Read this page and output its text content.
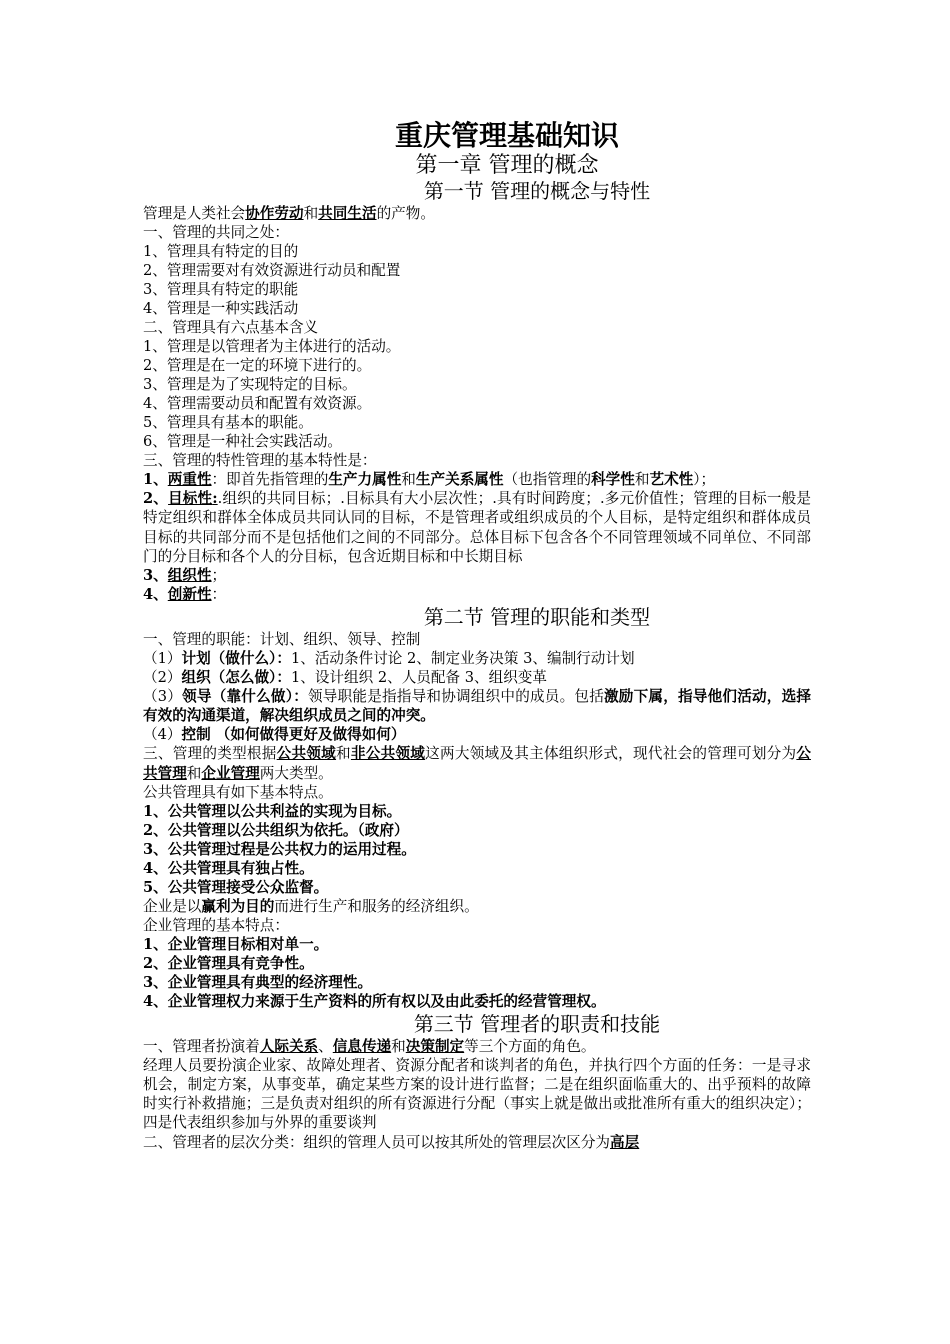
重庆管理基础知识
第一章 管理的概念
第一节 管理的概念与特性
管理是人类社会协作劳动和共同生活的产物。
一、管理的共同之处：
1、管理具有特定的目的
2、管理需要对有效资源进行动员和配置
3、管理具有特定的职能
4、管理是一种实践活动
二、管理具有六点基本含义
1、管理是以管理者为主体进行的活动。
2、管理是在一定的环境下进行的。
3、管理是为了实现特定的目标。
4、管理需要动员和配置有效资源。
5、管理具有基本的职能。
6、管理是一种社会实践活动。
三、管理的特性管理的基本特性是：
1、两重性：即首先指管理的生产力属性和生产关系属性（也指管理的科学性和艺术性）；
2、目标性:.组织的共同目标；.目标具有大小层次性；.具有时间跨度；.多元价值性；管理的目标一般是特定组织和群体全体成员共同认同的目标，不是管理者或组织成员的个人目标，是特定组织和群体成员目标的共同部分而不是包括他们之间的不同部分。总体目标下包含各个不同管理领域不同单位、不同部门的分目标和各个人的分目标，包含近期目标和中长期目标
3、组织性；
4、创新性：
第二节 管理的职能和类型
一、管理的职能：计划、组织、领导、控制
（1）计划（做什么）：1、活动条件讨论 2、制定业务决策 3、编制行动计划
（2）组织（怎么做）：1、设计组织 2、人员配备 3、组织变革
（3）领导（靠什么做）：领导职能是指指导和协调组织中的成员。包括激励下属，指导他们活动，选择有效的沟通渠道，解决组织成员之间的冲突。
（4）控制 （如何做得更好及做得如何）
三、管理的类型根据公共领域和非公共领域这两大领域及其主体组织形式，现代社会的管理可划分为公共管理和企业管理两大类型。
公共管理具有如下基本特点。
1、公共管理以公共利益的实现为目标。
2、公共管理以公共组织为依托。（政府）
3、公共管理过程是公共权力的运用过程。
4、公共管理具有独占性。
5、公共管理接受公众监督。
企业是以赢利为目的而进行生产和服务的经济组织。
企业管理的基本特点：
1、企业管理目标相对单一。
2、企业管理具有竞争性。
3、企业管理具有典型的经济理性。
4、企业管理权力来源于生产资料的所有权以及由此委托的经营管理权。
第三节 管理者的职责和技能
一、管理者扮演着人际关系、信息传递和决策制定等三个方面的角色。
经理人员要扮演企业家、故障处理者、资源分配者和谈判者的角色，并执行四个方面的任务：一是寻求机会，制定方案，从事变革，确定某些方案的设计进行监督；二是在组织面临重大的、出乎预料的故障时实行补救措施；三是负责对组织的所有资源进行分配（事实上就是做出或批准所有重大的组织决定）；四是代表组织参加与外界的重要谈判
二、管理者的层次分类：组织的管理人员可以按其所处的管理层次区分为高层
